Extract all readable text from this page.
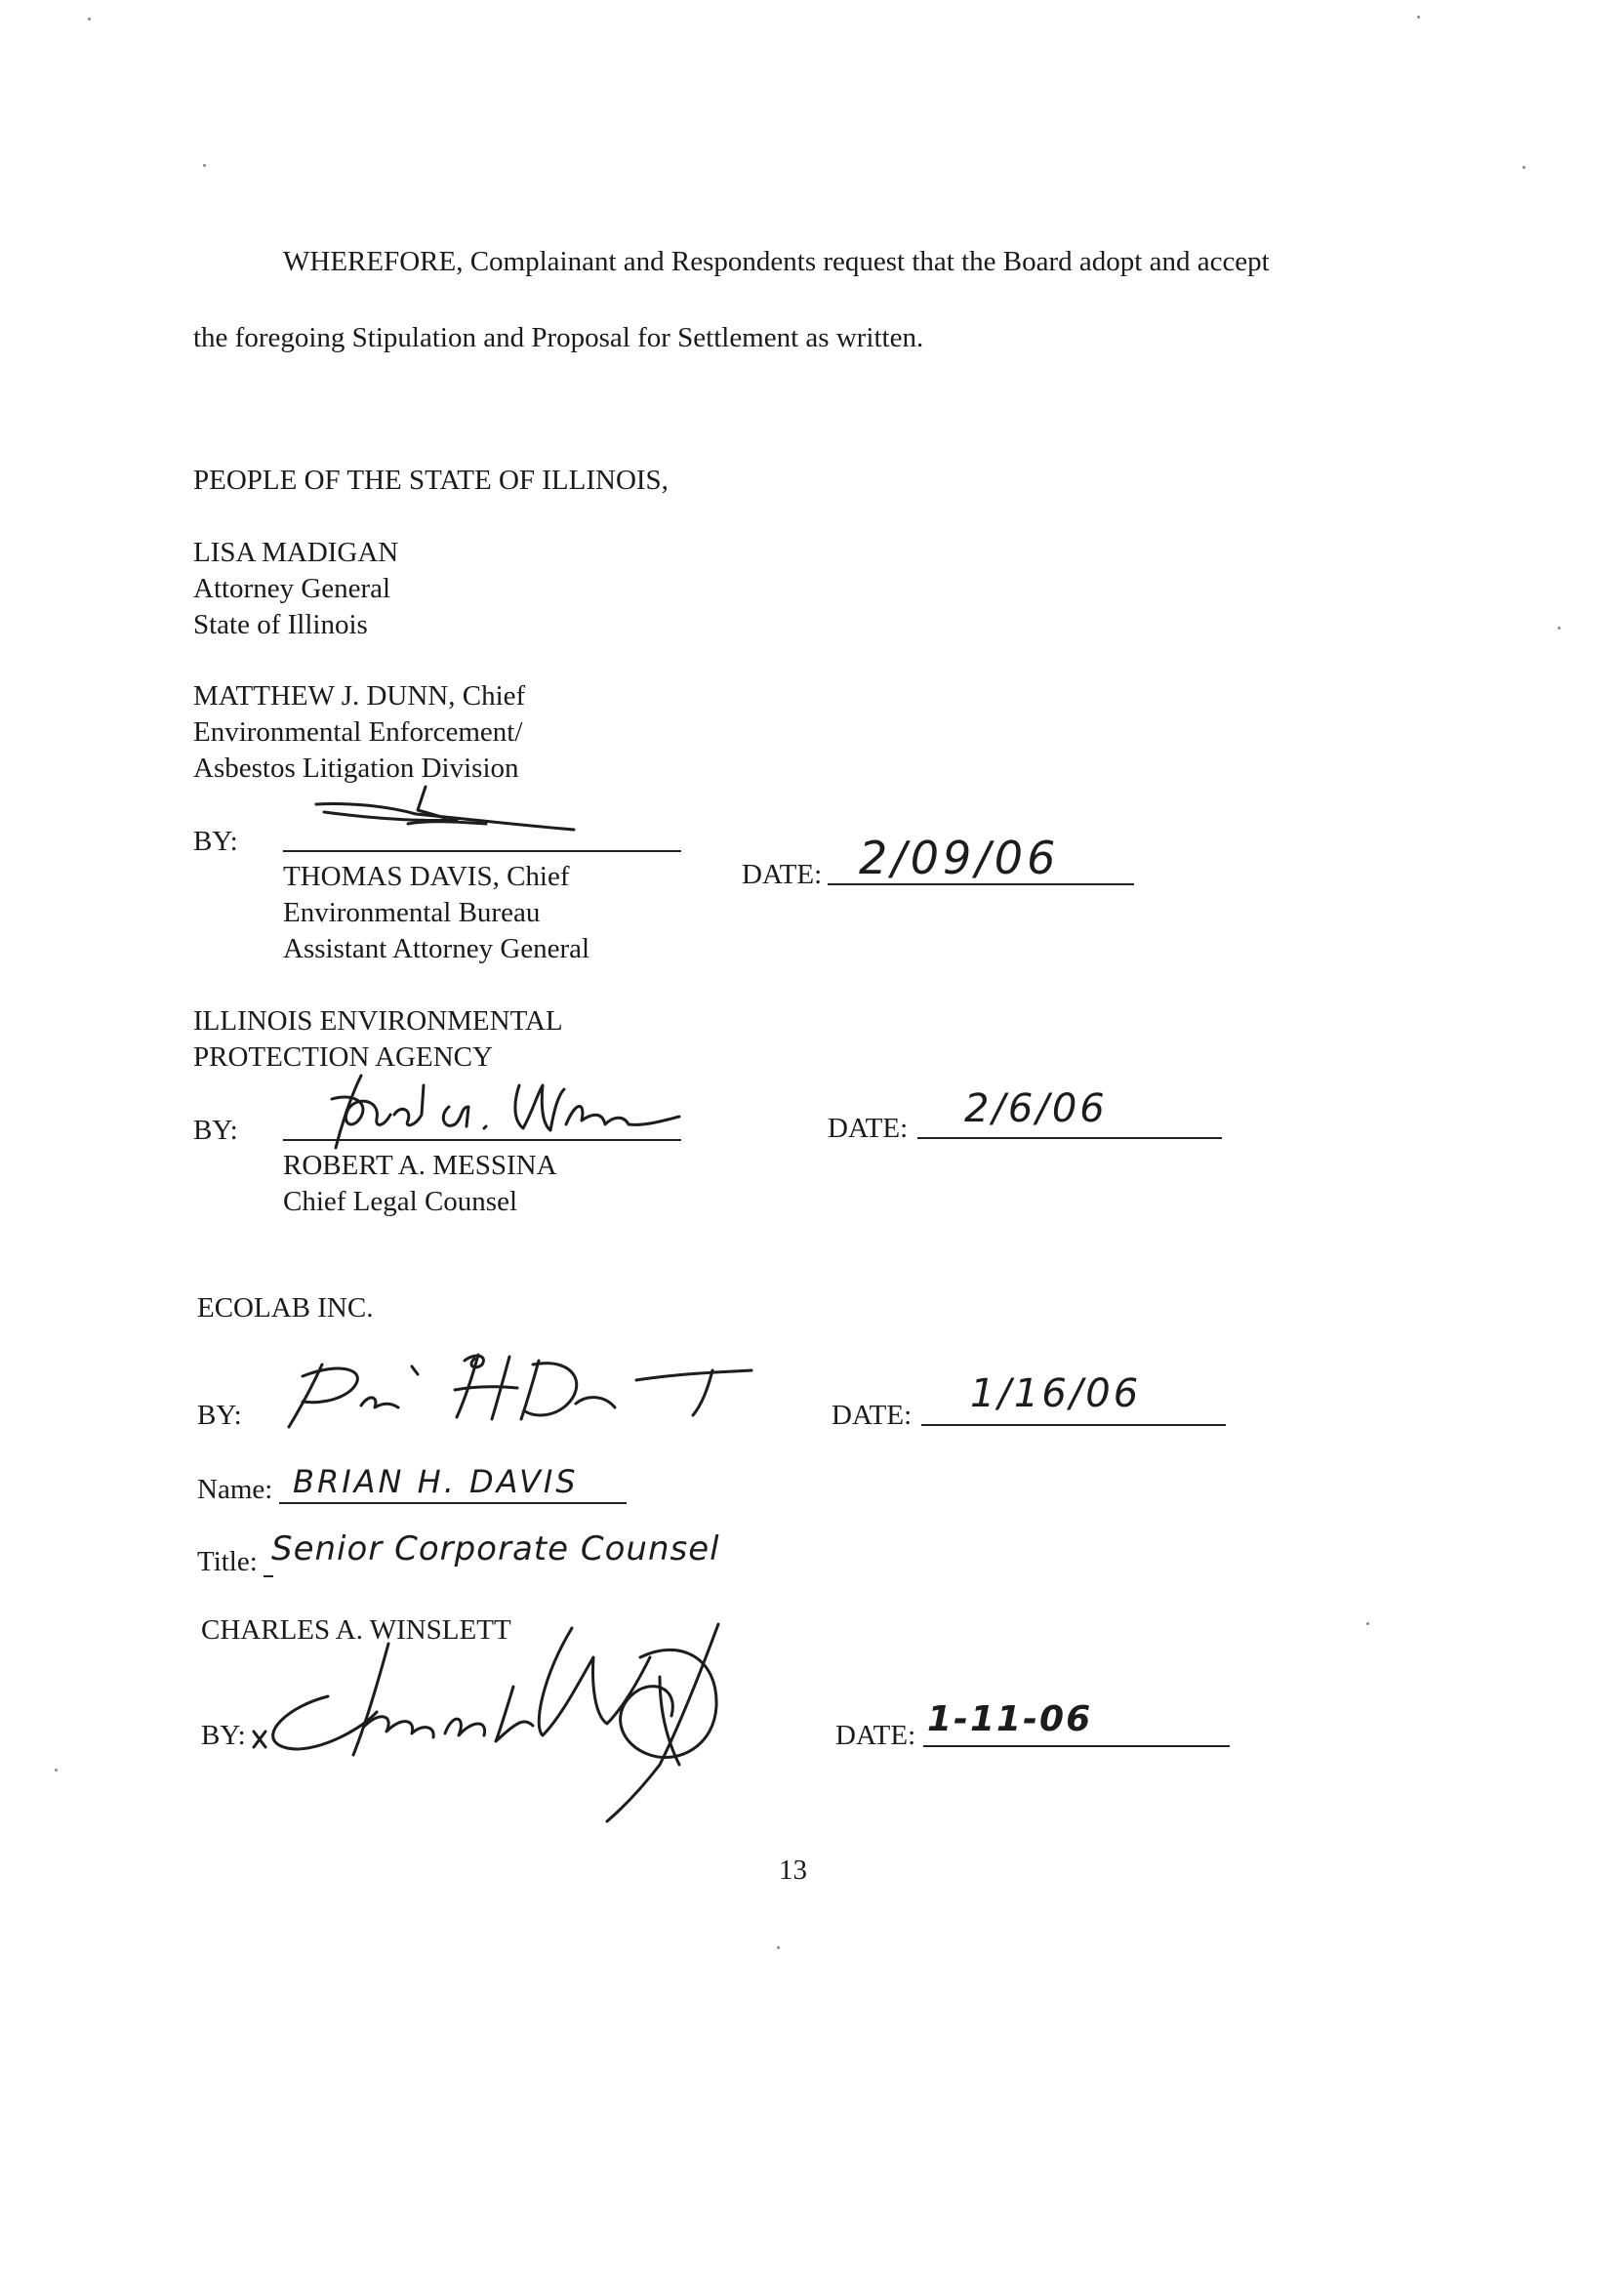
WHEREFORE, Complainant and Respondents request that the Board adopt and accept
the foregoing Stipulation and Proposal for Settlement as written.
PEOPLE OF THE STATE OF ILLINOIS,
LISA MADIGAN
Attorney General
State of Illinois
MATTHEW J. DUNN, Chief
Environmental Enforcement/
Asbestos Litigation Division
BY:
THOMAS DAVIS, Chief
Environmental Bureau
Assistant Attorney General
DATE: 2/09/06
ILLINOIS ENVIRONMENTAL
PROTECTION AGENCY
BY:
ROBERT A. MESSINA
Chief Legal Counsel
DATE: 2/6/06
ECOLAB INC.
BY:	DATE: 1/16/06
Name: BRIAN H. DAVIS
Title: Senior Corporate Counsel
CHARLES A. WINSLETT
BY:	DATE: 1-11-06
13
